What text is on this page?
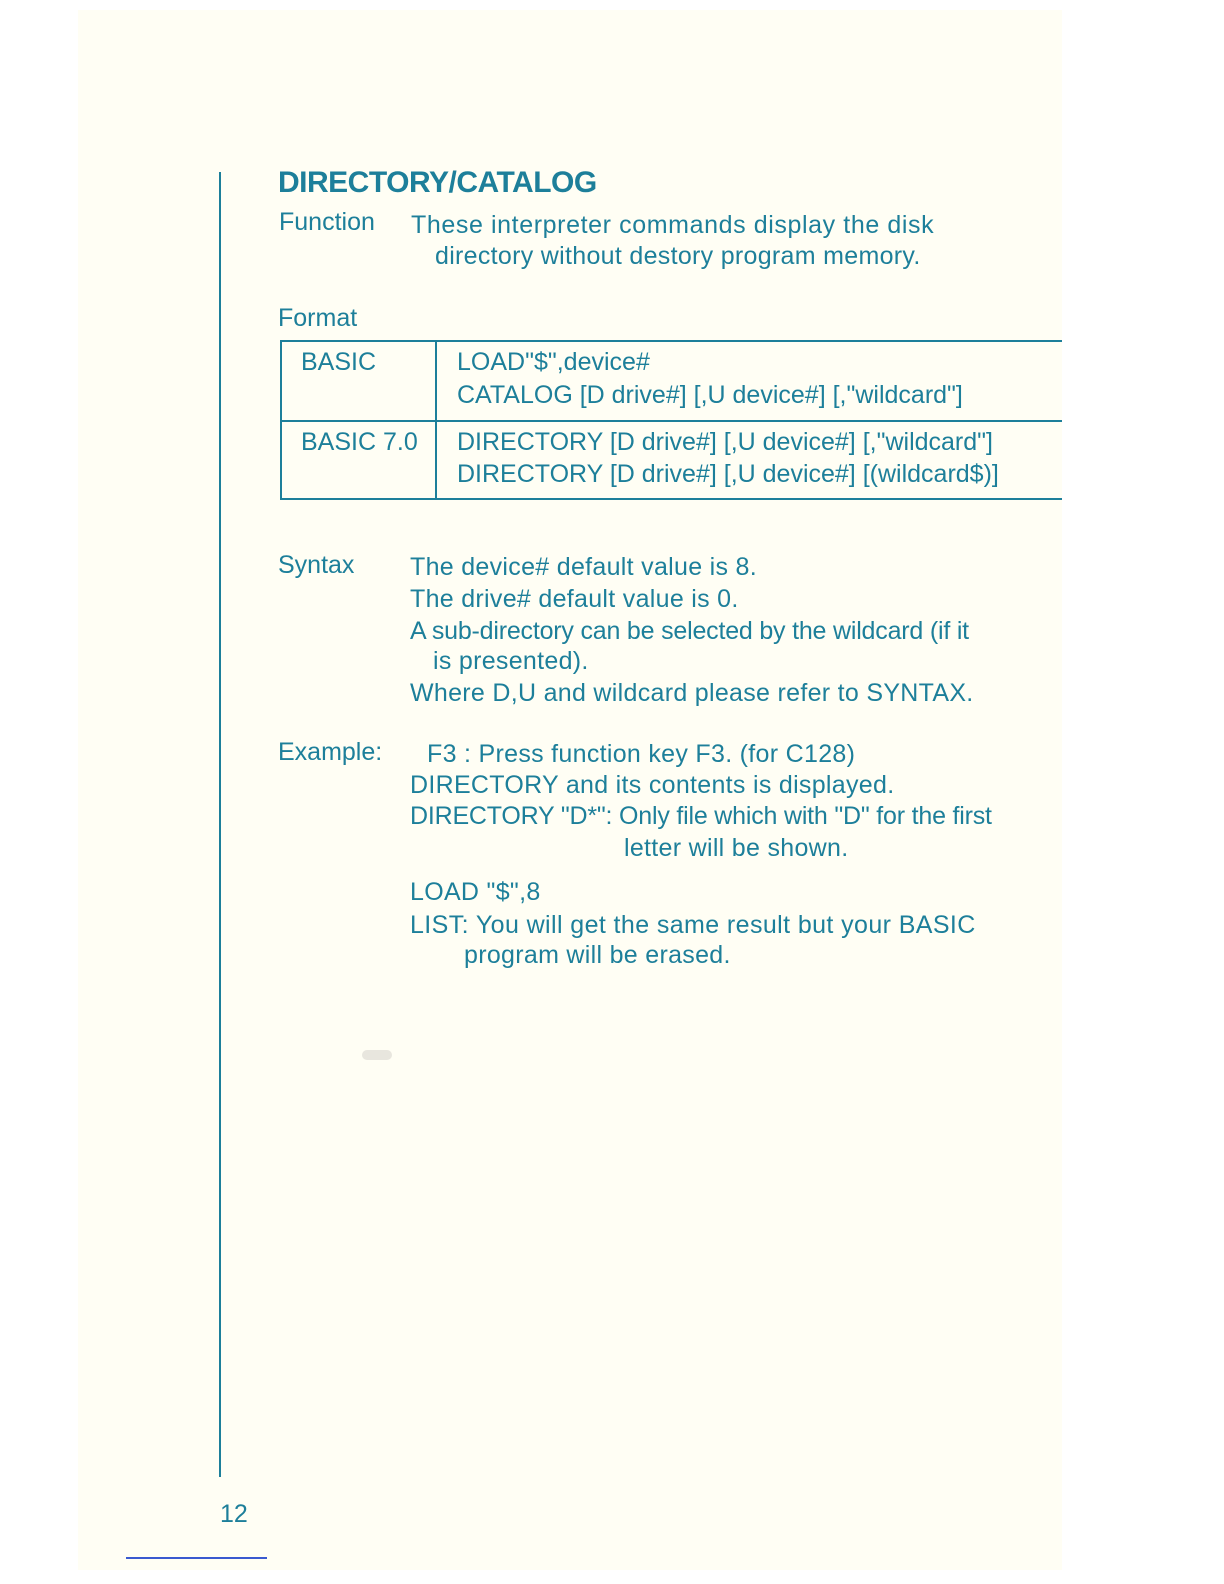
DIRECTORY/CATALOG
Function These interpreter commands display the disk
directory without destory program memory.
Format
BASIC	LOAD"$",device#
CATALOG [D drive#] [,U device#] [,"wildcard"]
BASIC 7.0 DIRECTORY [D drive#] [,U device#] [,"wildcard"]
DIRECTORY [D drive#] [,U device#] [(wildcard$)]
Syntax The device# default value is 8.
The drive# default value is 0.
A sub-directory can be selected by the wildcard (if it
is presented).
Where D,U and wildcard please refer to SYNTAX.
Example: F3 : Press function key F3. (for C128)
DIRECTORY and its contents is displayed.
DIRECTORY "D*": Only file which with "D" for the first
letter will be shown.
LOAD "$",8
LIST: You will get the same result but your BASIC
program will be erased.
12
